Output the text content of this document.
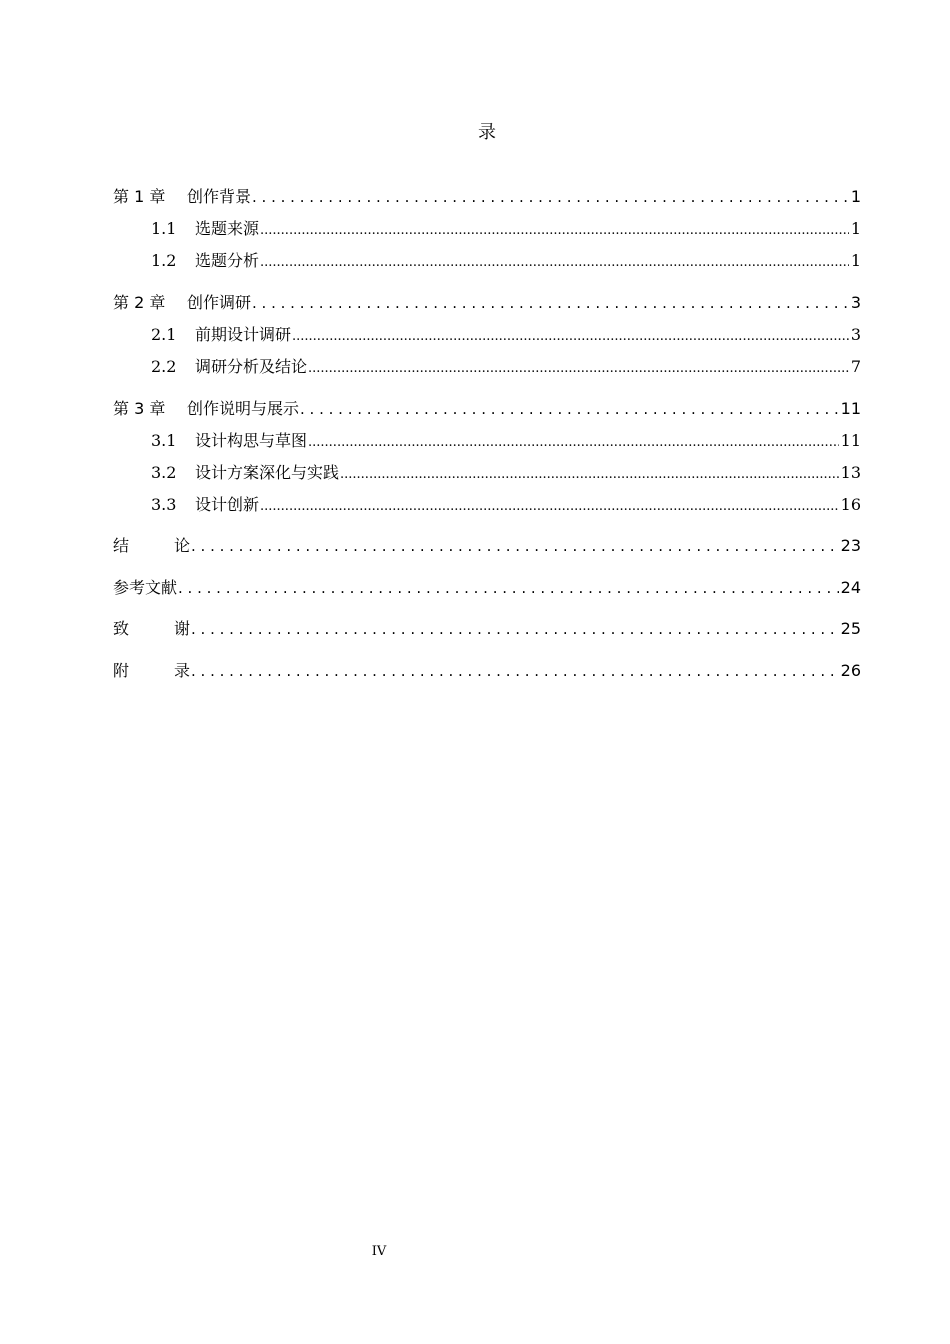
录
第 1 章	创作背景 . . .	1
1.1	选题来源 .....	1
1.2	选题分析 .....	1
第 2 章	创作调研 . . .	3
2.1	前期设计调研 .....	3
2.2	调研分析及结论 .....	7
第 3 章	创作说明与展示 . . .	11
3.1	设计构思与草图 .....	11
3.2	设计方案深化与实践 .....	13
3.3	设计创新 .....	16
结	论 . . .	23
参考文献 . . .	24
致	谢 . . .	25
附	录 . . .	26
IV
